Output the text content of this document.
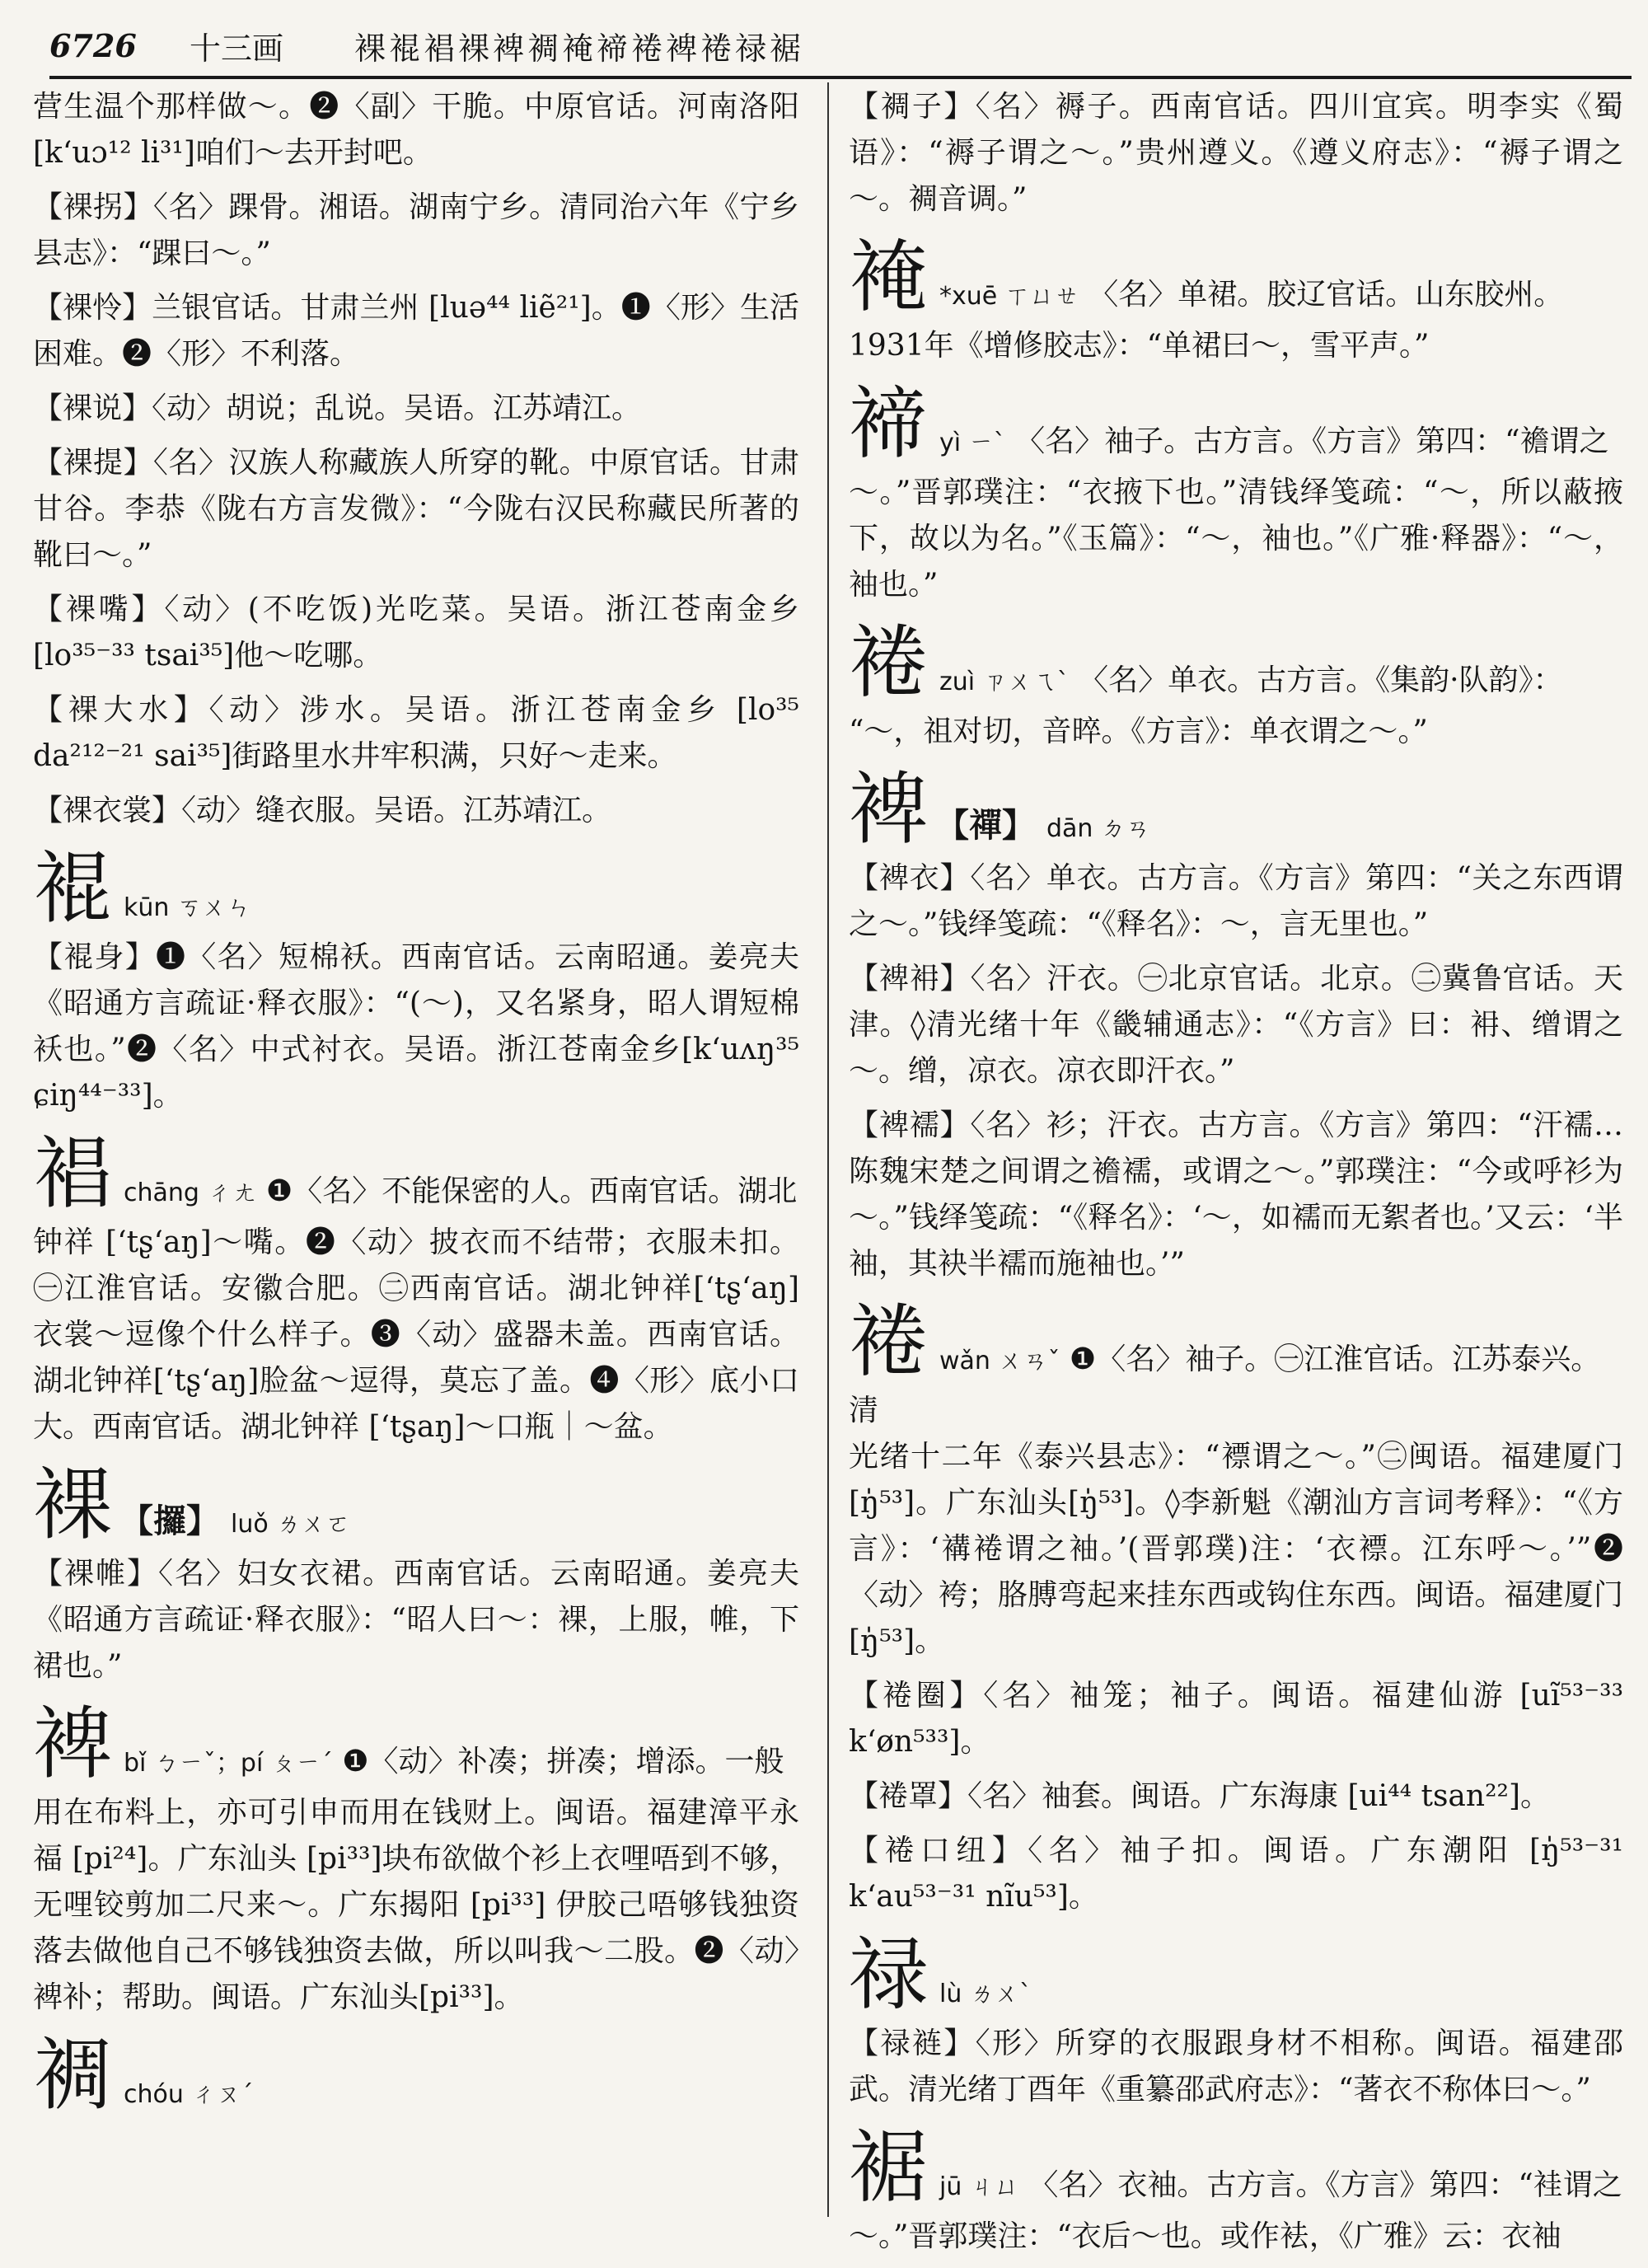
6726	十三画	裸裩裮裸裨裯裺褅裷裨裷禄裾

营生温个那样做～。❷〈副〉干脆。中原官话。河南洛阳[k‘uɔ¹² li³¹]咱们～去开封吧。

【裸拐】〈名〉踝骨。湘语。湖南宁乡。清同治六年《宁乡县志》：“踝曰～。”

【裸怜】兰银官话。甘肃兰州 [luə⁴⁴ liẽ²¹]。❶〈形〉生活困难。❷〈形〉不利落。

【裸说】〈动〉胡说；乱说。吴语。江苏靖江。

【裸提】〈名〉汉族人称藏族人所穿的靴。中原官话。甘肃甘谷。李恭《陇右方言发微》：“今陇右汉民称藏民所著的靴曰～。”

【裸嘴】〈动〉(不吃饭)光吃菜。吴语。浙江苍南金乡[lo³⁵⁻³³ tsai³⁵]他～吃哪。

【裸大水】〈动〉涉水。吴语。浙江苍南金乡 [lo³⁵ da²¹²⁻²¹ sai³⁵]街路里水井牢积满，只好～走来。

【裸衣裳】〈动〉缝衣服。吴语。江苏靖江。

裩kūn ㄎㄨㄣ

【裩身】❶〈名〉短棉袄。西南官话。云南昭通。姜亮夫《昭通方言疏证·释衣服》：“(～)，又名紧身，昭人谓短棉袄也。”❷〈名〉中式衬衣。吴语。浙江苍南金乡[k‘uʌŋ³⁵ ɕiŋ⁴⁴⁻³³]。

裮chāng ㄔㄤ ❶〈名〉不能保密的人。西南官话。湖北

钟祥 [ʻtʂ‘aŋ]～嘴。❷〈动〉披衣而不结带；衣服未扣。㊀江淮官话。安徽合肥。㊁西南官话。湖北钟祥[ʻtʂ‘aŋ] 衣裳～逗像个什么样子。❸〈动〉盛器未盖。西南官话。湖北钟祥[ʻtʂ‘aŋ]脸盆～逗得，莫忘了盖。❹〈形〉底小口大。西南官话。湖北钟祥 [ʻtʂaŋ]～口瓶｜～盆。

裸 【攞】 luǒ ㄌㄨㄛ

【裸帷】〈名〉妇女衣裙。西南官话。云南昭通。姜亮夫《昭通方言疏证·释衣服》：“昭人曰～：裸，上服，帷，下裙也。”

裨bǐ ㄅㄧˇ；pí ㄆㄧˊ ❶〈动〉补凑；拼凑；增添。一般

用在布料上，亦可引申而用在钱财上。闽语。福建漳平永福 [pi²⁴]。广东汕头 [pi³³]块布欲做个衫上衣哩唔到不够，无哩铰剪加二尺来～。广东揭阳 [pi³³] 伊胶己唔够钱独资落去做他自己不够钱独资去做，所以叫我～二股。❷〈动〉裨补；帮助。闽语。广东汕头[pi³³]。

裯chóu ㄔㄡˊ

【裯子】〈名〉褥子。西南官话。四川宜宾。明李实《蜀语》：“褥子谓之～。”贵州遵义。《遵义府志》：“褥子谓之～。裯音调。”

裺 *xuē ㄒㄩㄝ 〈名〉单裙。胶辽官话。山东胶州。

1931年《增修胶志》：“单裙曰～，雪平声。”

褅yì ㄧˋ 〈名〉袖子。古方言。《方言》第四：“襜谓之

～。”晋郭璞注：“衣掖下也。”清钱绎笺疏：“～，所以蔽掖下，故以为名。”《玉篇》：“～，袖也。”《广雅·释器》：“～，袖也。”

裷zuì ㄗㄨㄟˋ 〈名〉单衣。古方言。《集韵·队韵》：

“～，祖对切，音晬。《方言》：单衣谓之～。”

裨 【禪】 dān ㄉㄢ

【裨衣】〈名〉单衣。古方言。《方言》第四：“关之东西谓之～。”钱绎笺疏：“《释名》：～，言无里也。”

【裨衻】〈名〉汗衣。㊀北京官话。北京。㊁冀鲁官话。天津。◊清光绪十年《畿辅通志》：“《方言》曰：衻、缯谓之～。缯，凉衣。凉衣即汗衣。”

【裨襦】〈名〉衫；汗衣。古方言。《方言》第四：“汗襦…陈魏宋楚之间谓之襜襦，或谓之～。”郭璞注：“今或呼衫为～。”钱绎笺疏：“《释名》：‘～，如襦而无絮者也。’又云：‘半袖，其袂半襦而施袖也。’”

裷wǎn ㄨㄢˇ ❶〈名〉袖子。㊀江淮官话。江苏泰兴。清

光绪十二年《泰兴县志》：“褾谓之～。”㊁闽语。福建厦门[ŋ̍⁵³]。广东汕头[ŋ̍⁵³]。◊李新魁《潮汕方言词考释》：“《方言》：‘褠裷谓之袖。’(晋郭璞)注：‘衣褾。江东呼～。’”❷〈动〉袴；胳膊弯起来挂东西或钩住东西。闽语。福建厦门 [ŋ̍⁵³]。

【裷圈】〈名〉袖笼；袖子。闽语。福建仙游 [uĩ⁵³⁻³³ k‘øn⁵³³]。

【裷罩】〈名〉袖套。闽语。广东海康 [ui⁴⁴ tsan²²]。

【裷口纽】〈名〉袖子扣。闽语。广东潮阳 [ŋ̍⁵³⁻³¹ k‘au⁵³⁻³¹ nĩu⁵³]。

禄lù ㄌㄨˋ

【禄裢】〈形〉所穿的衣服跟身材不相称。闽语。福建邵武。清光绪丁酉年《重纂邵武府志》：“著衣不称体曰～。”

裾jū ㄐㄩ 〈名〉衣袖。古方言。《方言》第四：“袿谓之

～。”晋郭璞注：“衣后～也。或作袪，《广雅》云：衣袖
